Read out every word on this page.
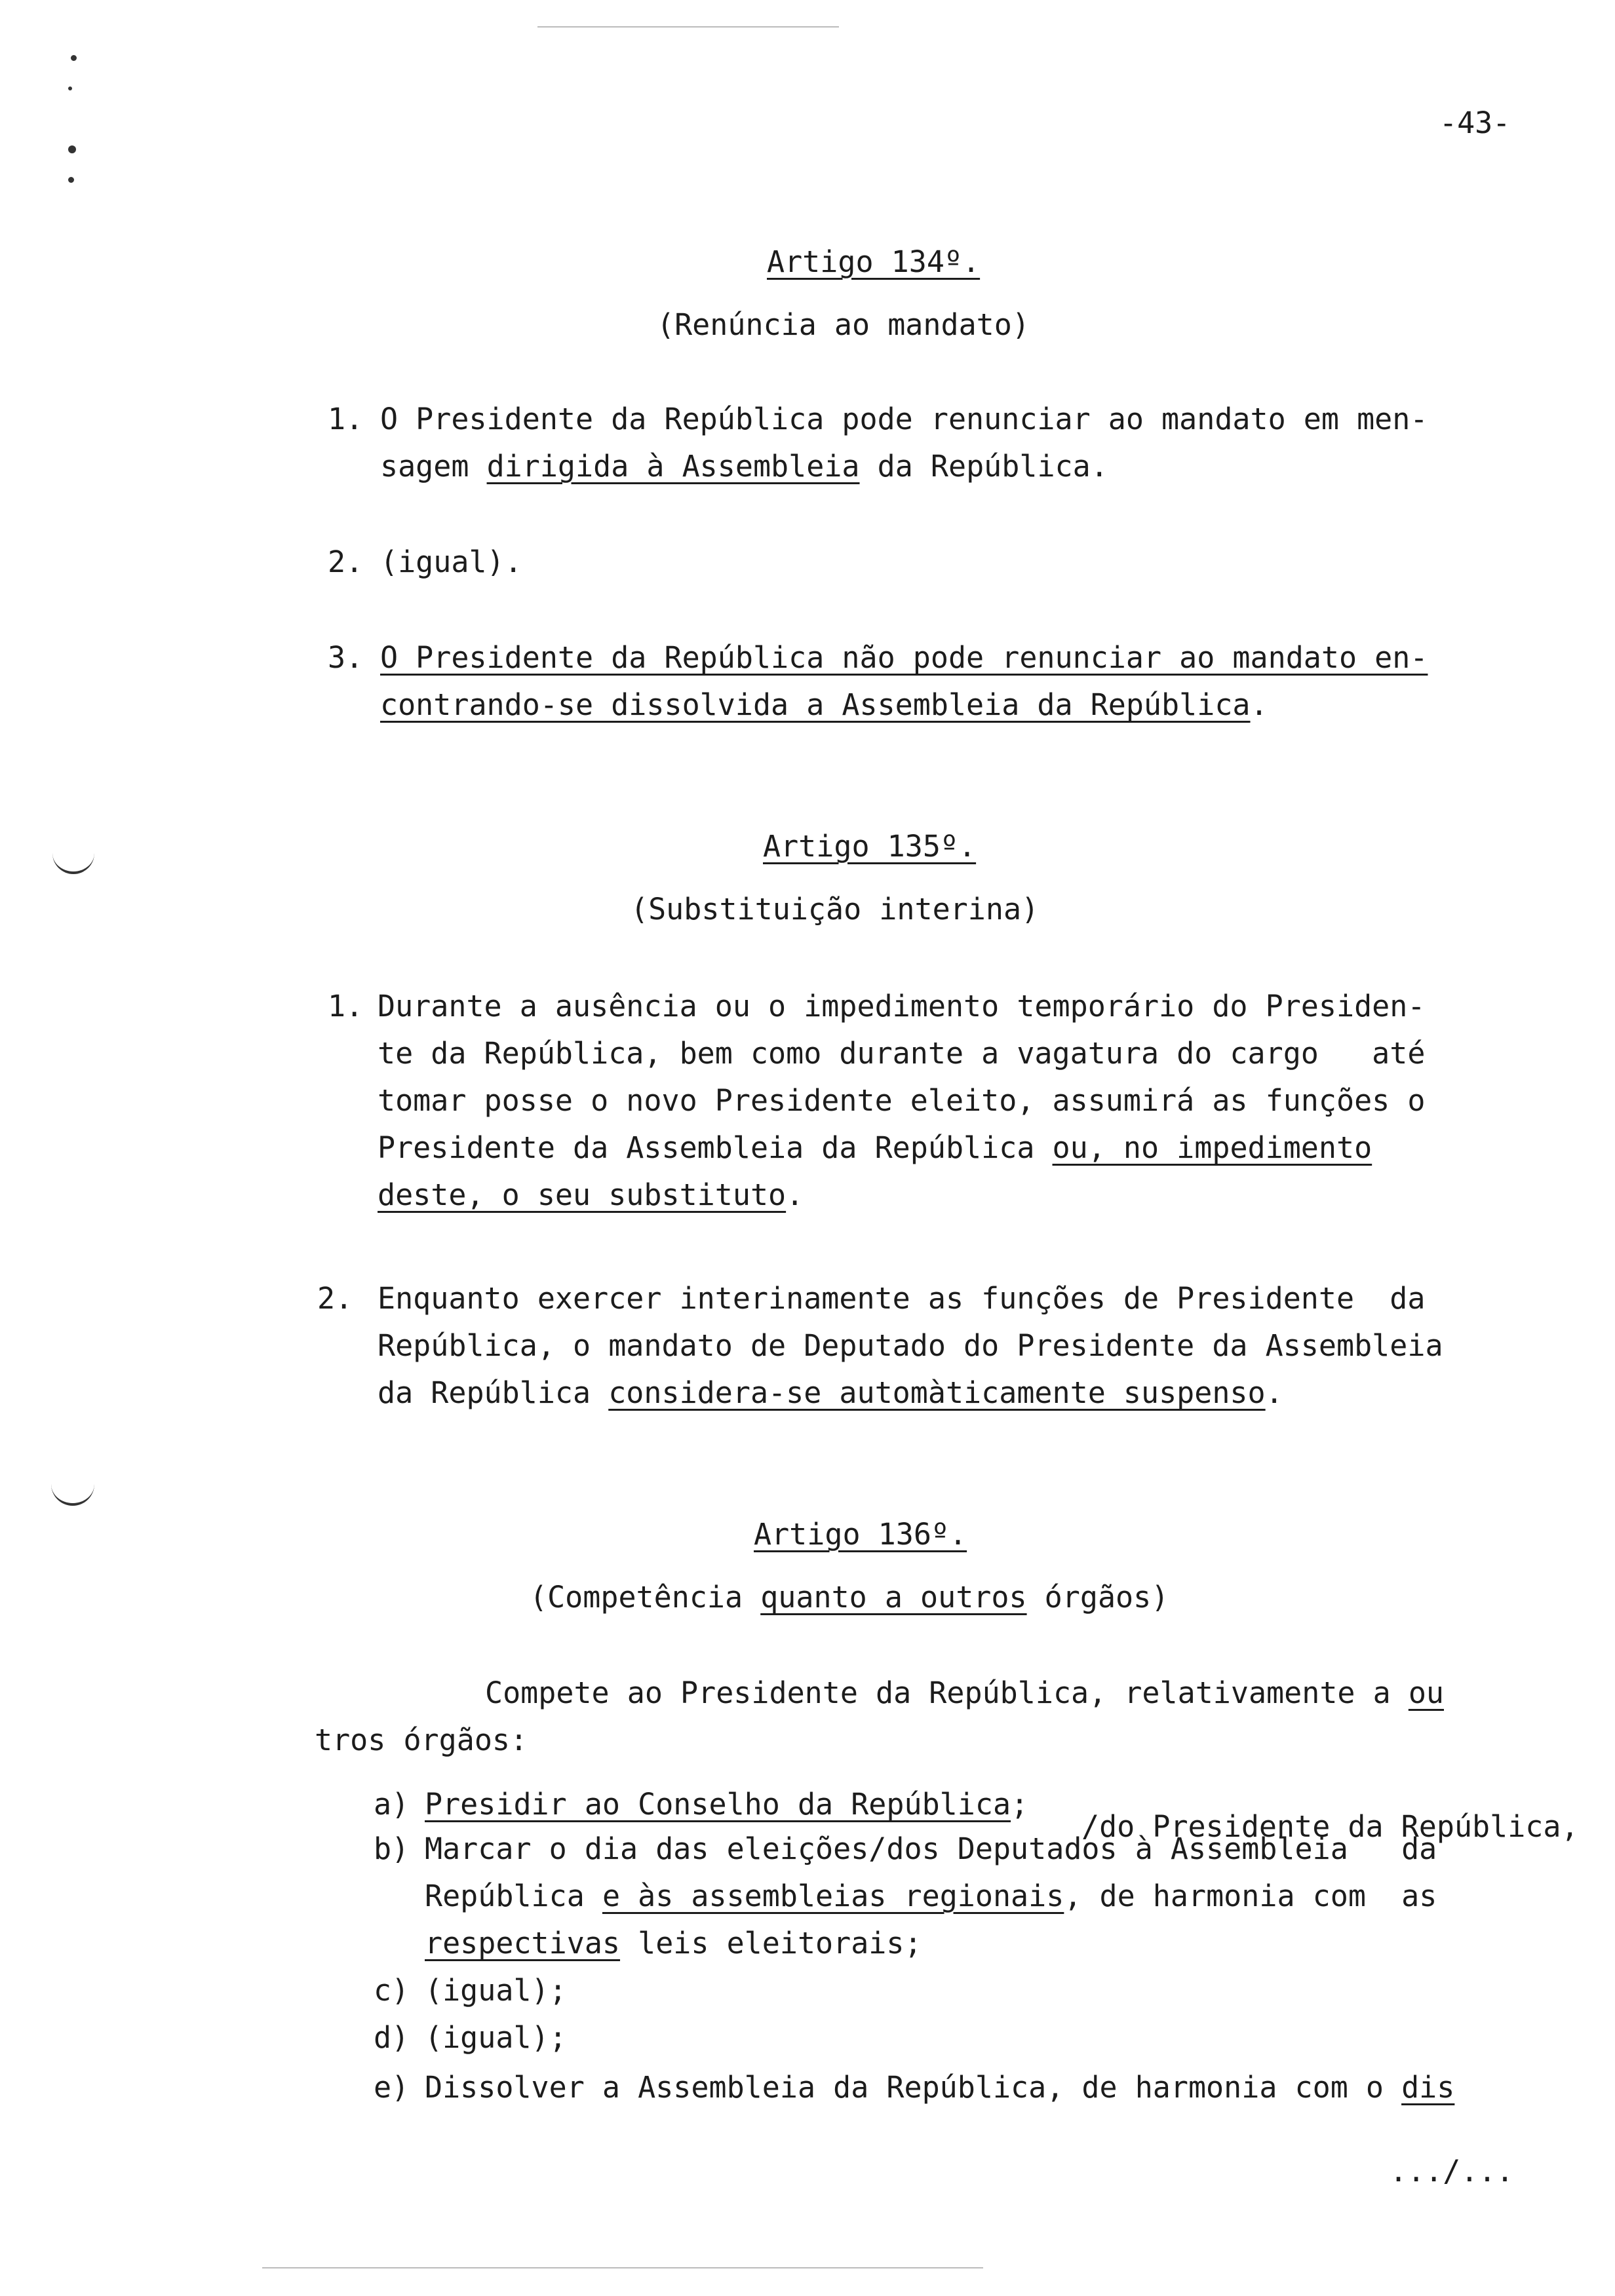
-43-
Artigo 134º.
(Renúncia ao mandato)
1. O Presidente da República pode renunciar ao mandato em men-
sagem dirigida à Assembleia da República.
2. (igual).
3. O Presidente da República não pode renunciar ao mandato en-
contrando-se dissolvida a Assembleia da República.
Artigo 135º.
(Substituição interina)
1. Durante a ausência ou o impedimento temporário do Presiden-
te da República, bem como durante a vagatura do cargo   até
tomar posse o novo Presidente eleito, assumirá as funções o
Presidente da Assembleia da República ou, no impedimento
deste, o seu substituto.
2. Enquanto exercer interinamente as funções de Presidente  da
República, o mandato de Deputado do Presidente da Assembleia
da República considera-se automàticamente suspenso.
Artigo 136º.
(Competência quanto a outros órgãos)
Compete ao Presidente da República, relativamente a ou
tros órgãos:
a) Presidir ao Conselho da República;
/do Presidente da República,
b) Marcar o dia das eleições/dos Deputados à Assembleia   da
República e às assembleias regionais, de harmonia com  as
respectivas leis eleitorais;
c) (igual);
d) (igual);
e) Dissolver a Assembleia da República, de harmonia com o dis
.../...
